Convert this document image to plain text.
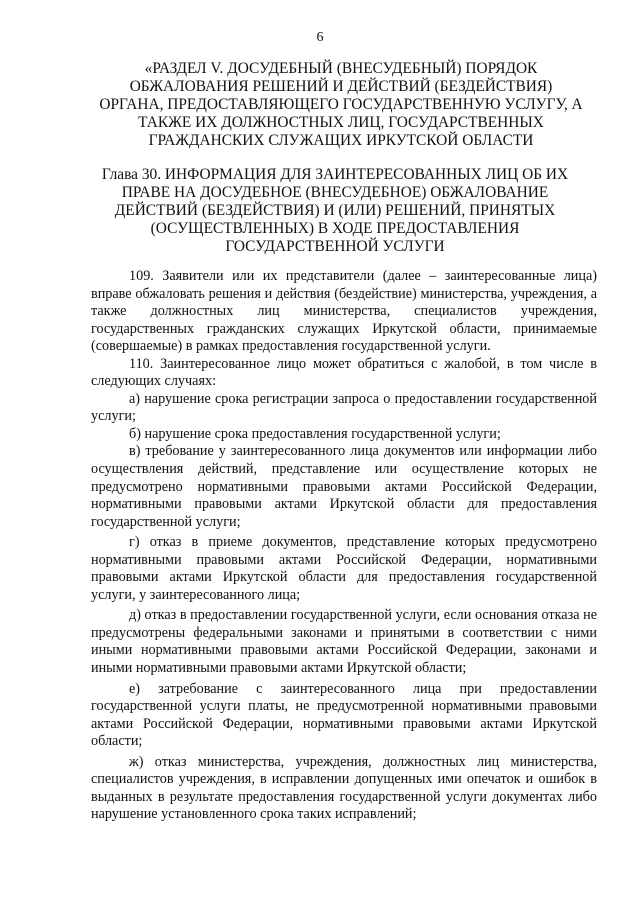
6
«РАЗДЕЛ V. ДОСУДЕБНЫЙ (ВНЕСУДЕБНЫЙ) ПОРЯДОК
ОБЖАЛОВАНИЯ РЕШЕНИЙ И ДЕЙСТВИЙ (БЕЗДЕЙСТВИЯ)
ОРГАНА, ПРЕДОСТАВЛЯЮЩЕГО ГОСУДАРСТВЕННУЮ УСЛУГУ, А
ТАКЖЕ ИХ ДОЛЖНОСТНЫХ ЛИЦ, ГОСУДАРСТВЕННЫХ
ГРАЖДАНСКИХ СЛУЖАЩИХ ИРКУТСКОЙ ОБЛАСТИ
Глава 30. ИНФОРМАЦИЯ ДЛЯ ЗАИНТЕРЕСОВАННЫХ ЛИЦ ОБ ИХ
ПРАВЕ НА ДОСУДЕБНОЕ (ВНЕСУДЕБНОЕ) ОБЖАЛОВАНИЕ
ДЕЙСТВИЙ (БЕЗДЕЙСТВИЯ) И (ИЛИ) РЕШЕНИЙ, ПРИНЯТЫХ
(ОСУЩЕСТВЛЕННЫХ) В ХОДЕ ПРЕДОСТАВЛЕНИЯ
ГОСУДАРСТВЕННОЙ УСЛУГИ

109. Заявители или их представители (далее – заинтересованные лица) вправе обжаловать решения и действия (бездействие) министерства, учреждения, а также должностных лиц министерства, специалистов учреждения, государственных гражданских служащих Иркутской области, принимаемые (совершаемые) в рамках предоставления государственной услуги.

110. Заинтересованное лицо может обратиться с жалобой, в том числе в следующих случаях:

а) нарушение срока регистрации запроса о предоставлении государственной услуги;

б) нарушение срока предоставления государственной услуги;

в) требование у заинтересованного лица документов или информации либо осуществления действий, представление или осуществление которых не предусмотрено нормативными правовыми актами Российской Федерации, нормативными правовыми актами Иркутской области для предоставления государственной услуги;

г) отказ в приеме документов, представление которых предусмотрено нормативными правовыми актами Российской Федерации, нормативными правовыми актами Иркутской области для предоставления государственной услуги, у заинтересованного лица;

д) отказ в предоставлении государственной услуги, если основания отказа не предусмотрены федеральными законами и принятыми в соответствии с ними иными нормативными правовыми актами Российской Федерации, законами и иными нормативными правовыми актами Иркутской области;

е) затребование с заинтересованного лица при предоставлении государственной услуги платы, не предусмотренной нормативными правовыми актами Российской Федерации, нормативными правовыми актами Иркутской области;

ж) отказ министерства, учреждения, должностных лиц министерства, специалистов учреждения, в исправлении допущенных ими опечаток и ошибок в выданных в результате предоставления государственной услуги документах либо нарушение установленного срока таких исправлений;
